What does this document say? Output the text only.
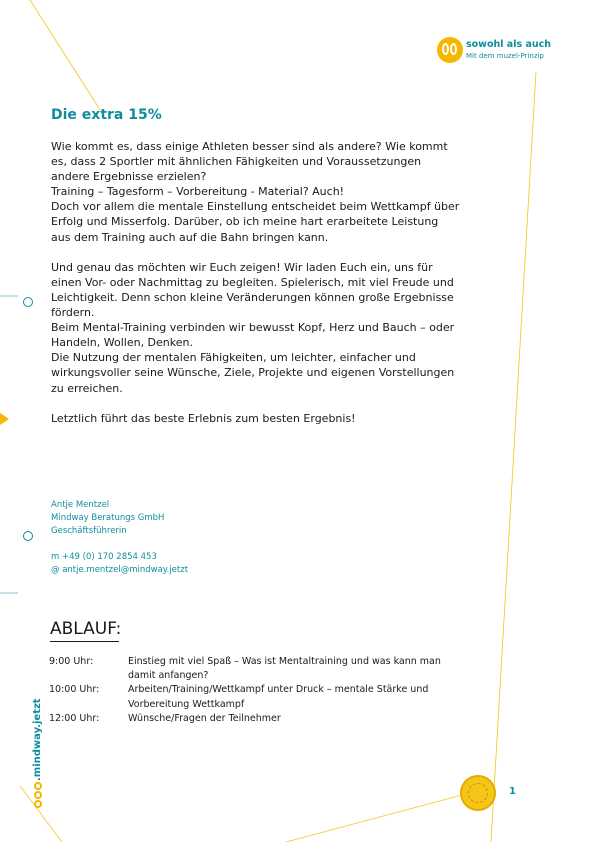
sowohl als auch
Mit dem muzel-Prinzip
Die extra 15%

Wie kommt es, dass einige Athleten besser sind als andere? Wie kommt es, dass 2 Sportler mit ähnlichen Fähigkeiten und Voraussetzungen andere Ergebnisse erzielen?

Training – Tagesform – Vorbereitung - Material? Auch!

Doch vor allem die mentale Einstellung entscheidet beim Wettkampf über Erfolg und Misserfolg. Darüber, ob ich meine hart erarbeitete Leistung aus dem Training auch auf die Bahn bringen kann.

Und genau das möchten wir Euch zeigen! Wir laden Euch ein, uns für einen Vor- oder Nachmittag zu begleiten. Spielerisch, mit viel Freude und Leichtigkeit. Denn schon kleine Veränderungen können große Ergebnisse fördern.

Beim Mental-Training verbinden wir bewusst Kopf, Herz und Bauch – oder Handeln, Wollen, Denken.

Die Nutzung der mentalen Fähigkeiten, um leichter, einfacher und wirkungsvoller seine Wünsche, Ziele, Projekte und eigenen Vorstellungen zu erreichen.

Letztlich führt das beste Erlebnis zum besten Ergebnis!

Antje Mentzel
Mindway Beratungs GmbH
Geschäftsführerin
m +49 (0) 170 2854 453
@ antje.mentzel@mindway.jetzt
ABLAUF:
9:00 Uhr:	Einstieg mit viel Spaß – Was ist Mentaltraining und was kann man damit anfangen?
10:00 Uhr:	Arbeiten/Training/Wettkampf unter Druck – mentale Stärke und Vorbereitung Wettkampf
12:00 Uhr:	Wünsche/Fragen der Teilnehmer
1
.mindway.jetzt
